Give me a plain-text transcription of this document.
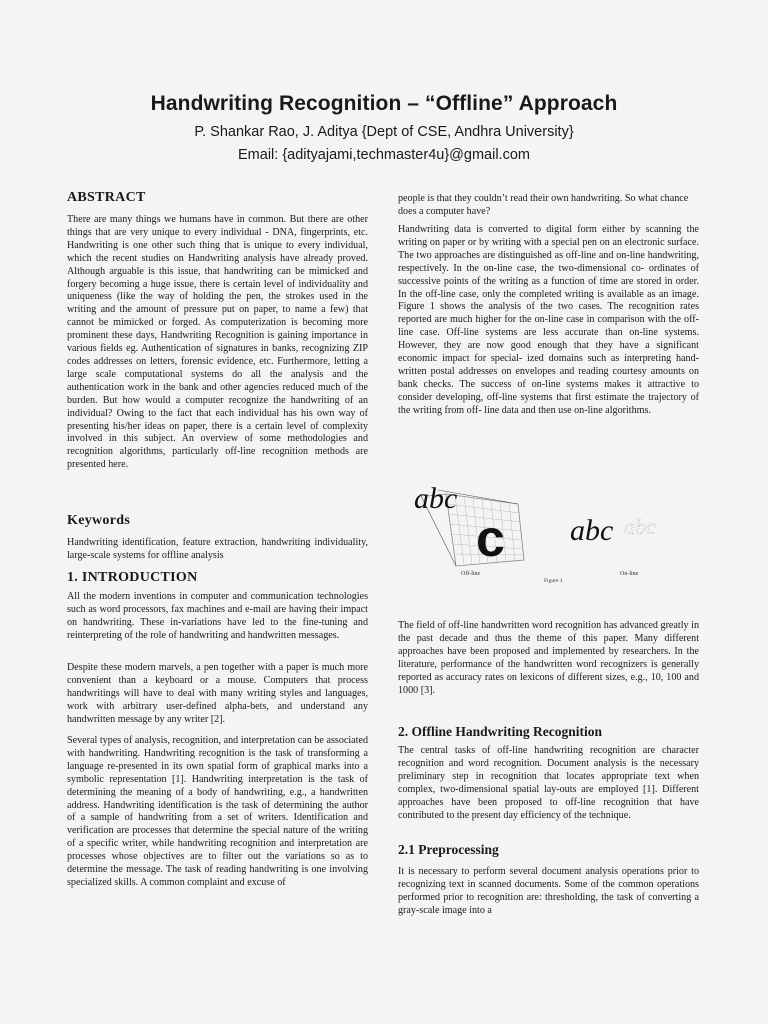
Handwriting Recognition – “Offline” Approach
P. Shankar Rao, J. Aditya {Dept of CSE, Andhra University}
Email: {adityajami,techmaster4u}@gmail.com

ABSTRACT

There are many things we humans have in common. But there are other things that are very unique to every individual - DNA, fingerprints, etc. Handwriting is one other such thing that is unique to every individual, which the recent studies on Handwriting analysis have already proved. Although arguable is this issue, that handwriting can be mimicked and forgery becoming a huge issue, there is certain level of individuality and uniqueness (like the way of holding the pen, the strokes used in the writing and the amount of pressure put on paper, to name a few) that cannot be mimicked or forged. As computerization is becoming more prominent these days, Handwriting Recognition is gaining importance in various fields eg. Authentication of signatures in banks, recognizing ZIP codes addresses on letters, forensic evidence, etc. Furthermore, letting a large scale computational systems do all the analysis and the authentication work in the bank and other agencies reduced much of the burden. But how would a computer recognize the handwriting of an individual? Owing to the fact that each individual has his own way of presenting his/her ideas on paper, there is a certain level of complexity involved in this subject. An overview of some methodologies and recognition algorithms, particularly off-line recognition methods are presented here.

Keywords

Handwriting identification, feature extraction, handwriting individuality, large-scale systems for offline analysis

1. INTRODUCTION

All the modern inventions in computer and communication technologies such as word processors, fax machines and e-mail are having their impact on handwriting. These in-variations have led to the fine-tuning and reinterpreting of the role of handwriting and handwritten messages.

Despite these modern marvels, a pen together with a paper is much more convenient than a keyboard or a mouse. Computers that process handwritings will have to deal with many writing styles and languages, work with arbitrary user-defined alpha-bets, and understand any handwritten message by any writer [2].

Several types of analysis, recognition, and interpretation can be associated with handwriting. Handwriting recognition is the task of transforming a language re-presented in its own spatial form of graphical marks into a symbolic representation [1]. Handwriting interpretation is the task of determining the meaning of a body of handwriting, e.g., a handwritten address. Handwriting identification is the task of determining the author of a sample of handwriting from a set of writers. Identification and verification are processes that determine the special nature of the writing of a specific writer, while handwriting recognition and interpretation are processes whose objectives are to filter out the variations so as to determine the message. The task of reading handwriting is one involving specialized skills. A common complaint and excuse of

people is that they couldn’t read their own handwriting. So what chance does a computer have?

Handwriting data is converted to digital form either by scanning the writing on paper or by writing with a special pen on an electronic surface. The two approaches are distinguished as off-line and on-line handwriting, respectively. In the on-line case, the two-dimensional co- ordinates of successive points of the writing as a function of time are stored in order. In the off-line case, only the completed writing is available as an image. Figure 1 shows the analysis of the two cases. The recognition rates reported are much higher for the on-line case in comparison with the off-line case. Off-line systems are less accurate than on-line systems. However, they are now good enough that they have a significant economic impact for special- ized domains such as interpreting hand-written postal addresses on envelopes and reading courtesy amounts on bank checks. The success of on-line systems makes it attractive to consider developing, off-line systems that first estimate the trajectory of the writing from off- line data and then use on-line algorithms.

abc
c abc abc
Off-line	On-line
Figure 1

The field of off-line handwritten word recognition has advanced greatly in the past decade and thus the theme of this paper. Many different approaches have been proposed and implemented by researchers. In the literature, performance of the handwritten word recognizers is generally reported as accuracy rates on lexicons of different sizes, e.g., 10, 100 and 1000 [3].

2. Offline Handwriting Recognition

The central tasks of off-line handwriting recognition are character recognition and word recognition. Document analysis is the necessary preliminary step in recognition that locates appropriate text when complex, two-dimensional spatial lay-outs are employed [1]. Different approaches have been proposed to off-line recognition that have contributed to the present day efficiency of the technique.

2.1 Preprocessing

It is necessary to perform several document analysis operations prior to recognizing text in scanned documents. Some of the common operations performed prior to recognition are: thresholding, the task of converting a gray-scale image into a
